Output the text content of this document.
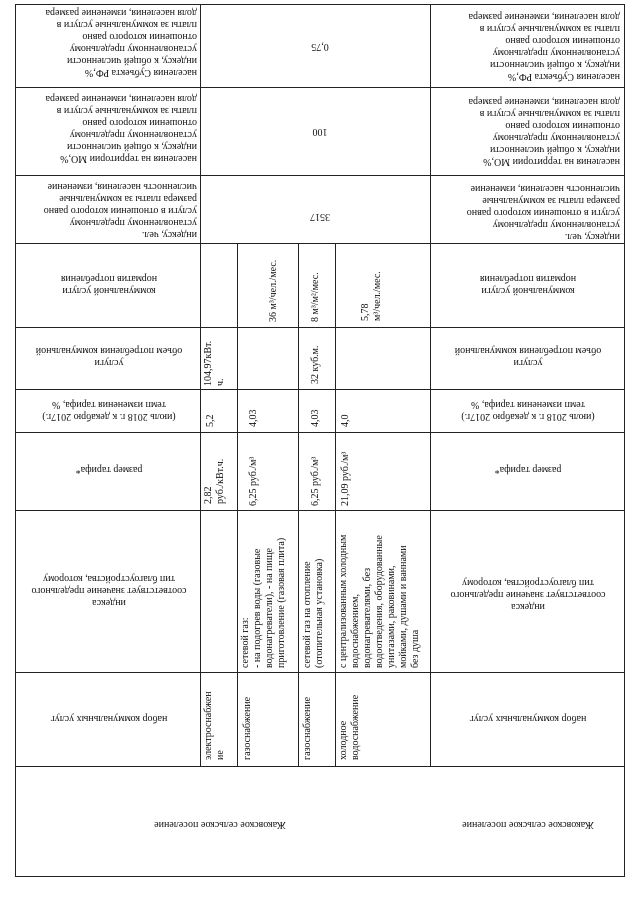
населения Субъекта РФ,%
индексу, к общей численности
установленному предельному
отношении которого равно
платы за коммунальные услуги в
доля населения, изменение размера
населения на территории МО,%
индексу, к общей численности
установленному предельному
отношении которого равно
платы за коммунальные услуги в
доля населения, изменение размера
индексу, чел.
установленному предельному
услуги в отношении которого равно
размера платы за коммунальные
численность населения, изменение
коммунальной услуги
норматив потребления
услуги
объем потребления коммунальной
(июль 2018 г. к декабрю 2017г.)
темп изменения тарифа, %
размер тарифа*
индекса
соответствует значение предельного
тип благоустройства, которому
набор коммунальных услуг
Жаковское сельское поселение
0,75
100
3517
2,82 руб./кВт.ч.
5,2
104,97кВт. ч.
электроснабжен ие газоснабжение
сетевой газ: - на подогрев воды (газовые водонагреватели), - на пище приготовление (газовая плита)
6,25 руб./м³
4,03
36 м³/чел./мес.
газоснабжение
сетевой газ на отопление (отопительная установка)
6,25 руб./м³
4,03
32 куб.м.
8 м³/м²/мес.
холодное водоснабжение
с централизованным холодным водоснабжением, водонагревателями, без водоотведения, оборудованные унитазами, раковинами, мойками, душами и ваннами без душа
21,09 руб./м³
4,0
5,78 м³/чел./мес.
населения Субъекта РФ,%
индексу, к общей численности
установленному предельному
отношении которого равно
платы за коммунальные услуги в
доля населения, изменение размера
населения на территории МО,%
индексу, к общей численности
установленному предельному
отношении которого равно
платы за коммунальные услуги в
доля населения, изменение размера
индексу, чел.
установленному предельному
услуги в отношении которого равно
размера платы за коммунальные
численность населения, изменение
коммунальной услуги
норматив потребления
услуги
объем потребления коммунальной
(июль 2018 г. к декабрю 2017г.)
темп изменения тарифа, %
размер тарифа*
индекса
соответствует значение предельного
тип благоустройства, которому
набор коммунальных услуг
Жаковское сельское поселение
